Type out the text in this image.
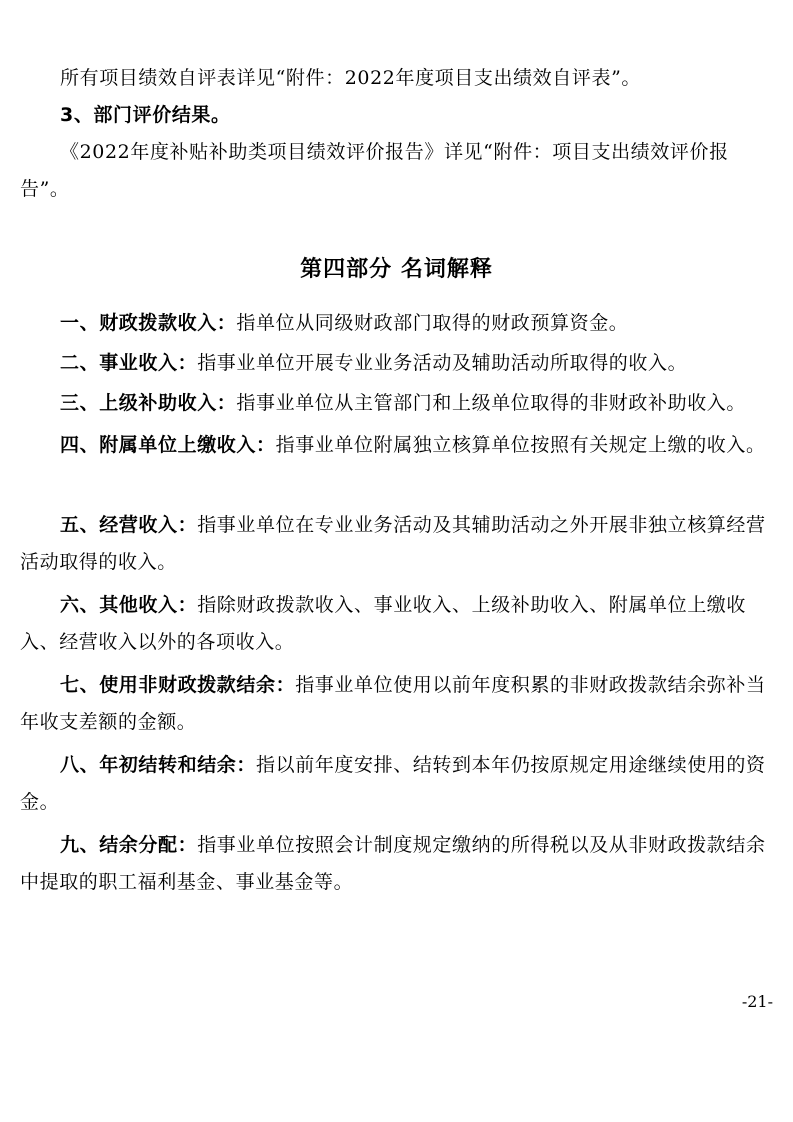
所有项目绩效自评表详见“附件：2022年度项目支出绩效自评表”。

3、部门评价结果。

《2022年度补贴补助类项目绩效评价报告》详见“附件：项目支出绩效评价报告”。

第四部分 名词解释

一、财政拨款收入：指单位从同级财政部门取得的财政预算资金。

二、事业收入：指事业单位开展专业业务活动及辅助活动所取得的收入。

三、上级补助收入：指事业单位从主管部门和上级单位取得的非财政补助收入。

四、附属单位上缴收入：指事业单位附属独立核算单位按照有关规定上缴的收入。

五、经营收入：指事业单位在专业业务活动及其辅助活动之外开展非独立核算经营活动取得的收入。

六、其他收入：指除财政拨款收入、事业收入、上级补助收入、附属单位上缴收入、经营收入以外的各项收入。

七、使用非财政拨款结余：指事业单位使用以前年度积累的非财政拨款结余弥补当年收支差额的金额。

八、年初结转和结余：指以前年度安排、结转到本年仍按原规定用途继续使用的资金。

九、结余分配：指事业单位按照会计制度规定缴纳的所得税以及从非财政拨款结余中提取的职工福利基金、事业基金等。

-21-
